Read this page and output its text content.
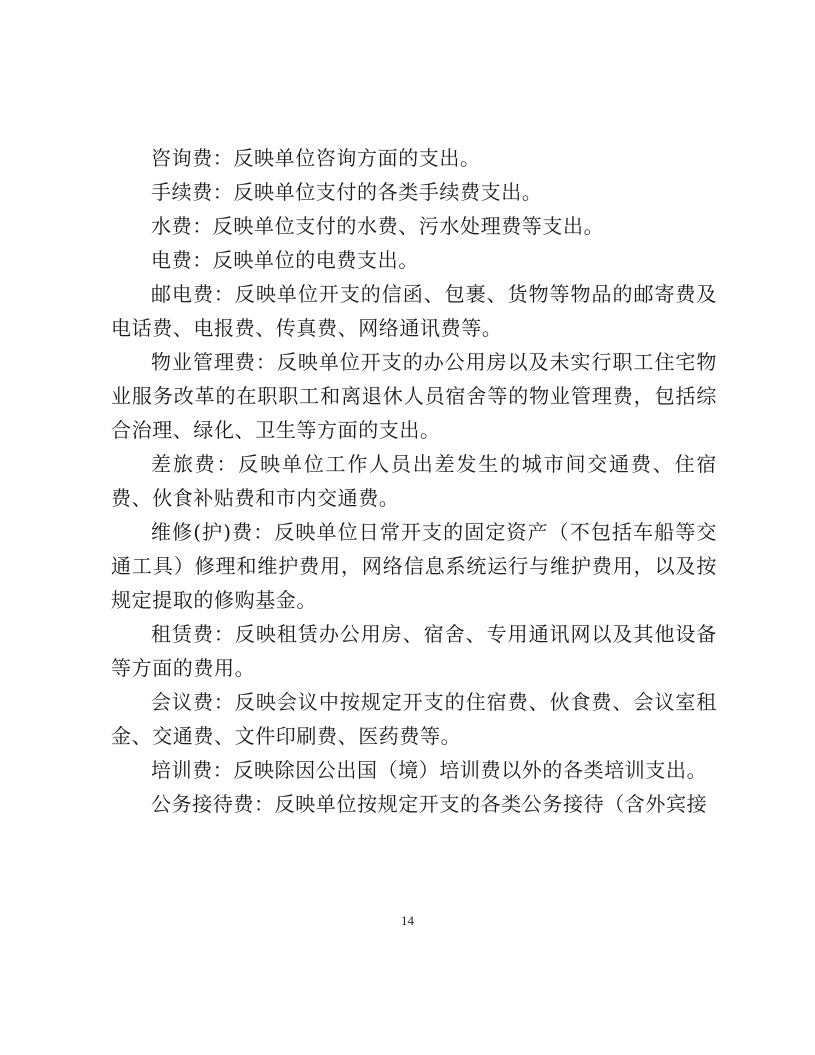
咨询费：反映单位咨询方面的支出。

手续费：反映单位支付的各类手续费支出。

水费：反映单位支付的水费、污水处理费等支出。

电费：反映单位的电费支出。

邮电费：反映单位开支的信函、包裹、货物等物品的邮寄费及电话费、电报费、传真费、网络通讯费等。

物业管理费：反映单位开支的办公用房以及未实行职工住宅物业服务改革的在职职工和离退休人员宿舍等的物业管理费，包括综合治理、绿化、卫生等方面的支出。

差旅费：反映单位工作人员出差发生的城市间交通费、住宿费、伙食补贴费和市内交通费。

维修(护)费：反映单位日常开支的固定资产（不包括车船等交通工具）修理和维护费用，网络信息系统运行与维护费用，以及按规定提取的修购基金。

租赁费：反映租赁办公用房、宿舍、专用通讯网以及其他设备等方面的费用。

会议费：反映会议中按规定开支的住宿费、伙食费、会议室租金、交通费、文件印刷费、医药费等。

培训费：反映除因公出国（境）培训费以外的各类培训支出。

公务接待费：反映单位按规定开支的各类公务接待（含外宾接

14
